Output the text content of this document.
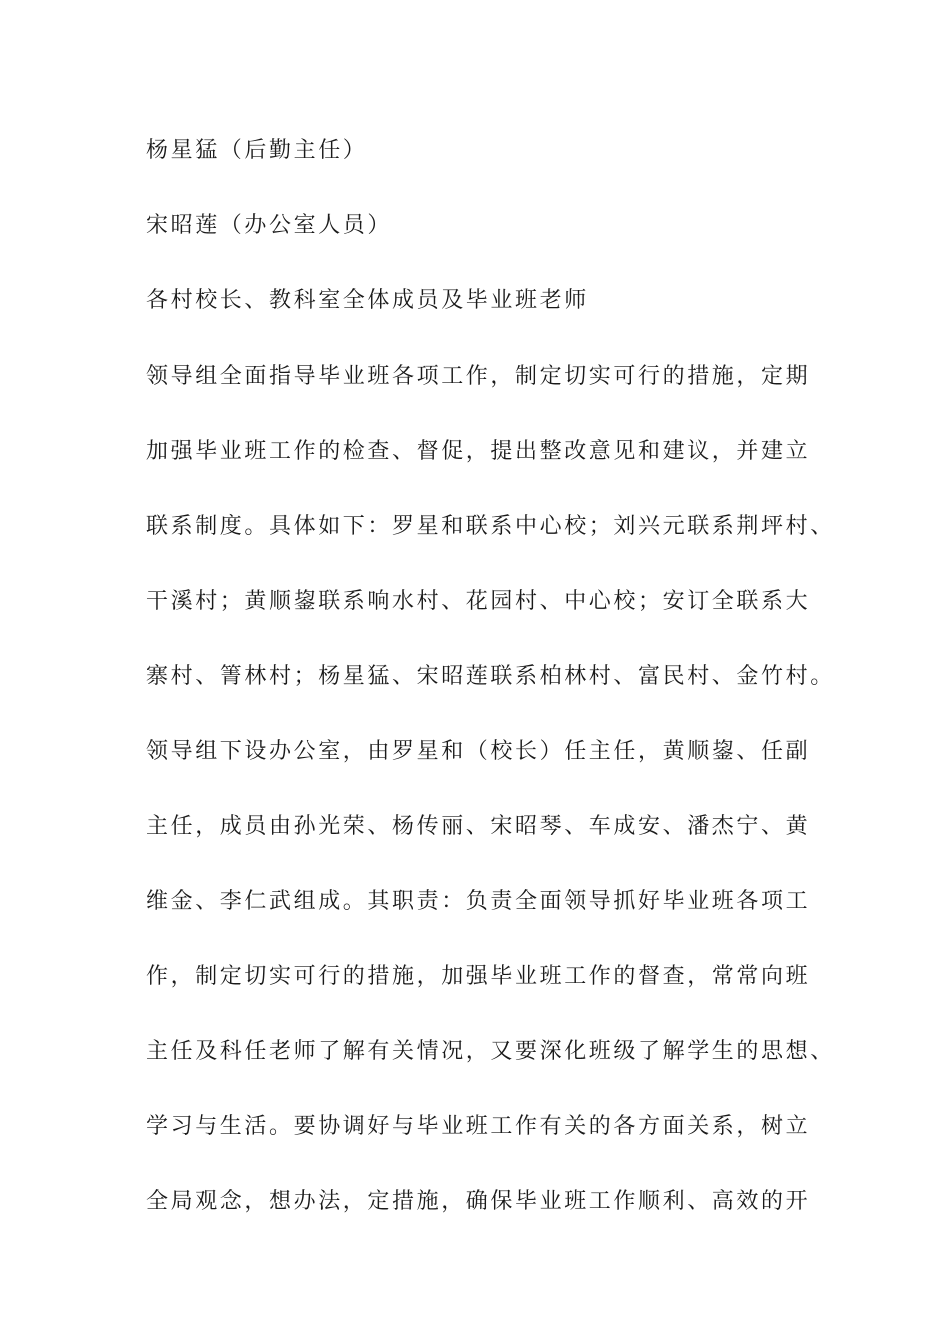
杨星猛（后勤主任）

宋昭莲（办公室人员）

各村校长、教科室全体成员及毕业班老师

领导组全面指导毕业班各项工作，制定切实可行的措施，定期

加强毕业班工作的检查、督促，提出整改意见和建议，并建立

联系制度。具体如下：罗星和联系中心校；刘兴元联系荆坪村、

干溪村；黄顺鋆联系响水村、花园村、中心校；安订全联系大

寨村、箐林村；杨星猛、宋昭莲联系柏林村、富民村、金竹村。

领导组下设办公室，由罗星和（校长）任主任，黄顺鋆、任副

主任，成员由孙光荣、杨传丽、宋昭琴、车成安、潘杰宁、黄

维金、李仁武组成。其职责：负责全面领导抓好毕业班各项工

作，制定切实可行的措施，加强毕业班工作的督查，常常向班

主任及科任老师了解有关情况，又要深化班级了解学生的思想、

学习与生活。要协调好与毕业班工作有关的各方面关系，树立

全局观念，想办法，定措施，确保毕业班工作顺利、高效的开
